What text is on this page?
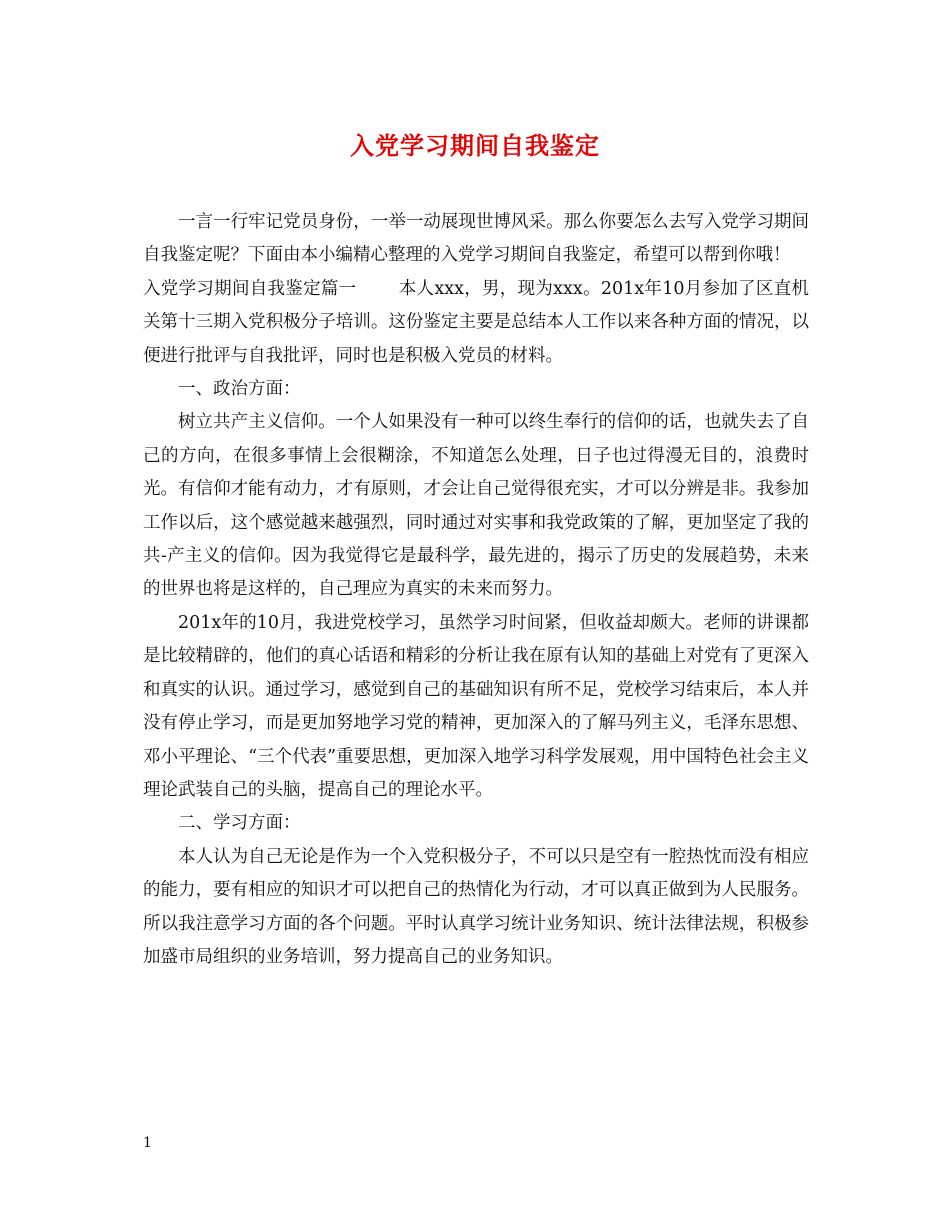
入党学习期间自我鉴定

一言一行牢记党员身份，一举一动展现世博风采。那么你要怎么去写入党学习期间自我鉴定呢？下面由本小编精心整理的入党学习期间自我鉴定，希望可以帮到你哦！

入党学习期间自我鉴定篇一 本人xxx，男，现为xxx。201x年10月参加了区直机关第十三期入党积极分子培训。这份鉴定主要是总结本人工作以来各种方面的情况，以便进行批评与自我批评，同时也是积极入党员的材料。

一、政治方面：

树立共产主义信仰。一个人如果没有一种可以终生奉行的信仰的话，也就失去了自己的方向，在很多事情上会很糊涂，不知道怎么处理，日子也过得漫无目的，浪费时光。有信仰才能有动力，才有原则，才会让自己觉得很充实，才可以分辨是非。我参加工作以后，这个感觉越来越强烈，同时通过对实事和我党政策的了解，更加坚定了我的共-产主义的信仰。因为我觉得它是最科学，最先进的，揭示了历史的发展趋势，未来的世界也将是这样的，自己理应为真实的未来而努力。

201x年的10月，我进党校学习，虽然学习时间紧，但收益却颇大。老师的讲课都是比较精辟的，他们的真心话语和精彩的分析让我在原有认知的基础上对党有了更深入和真实的认识。通过学习，感觉到自己的基础知识有所不足，党校学习结束后，本人并没有停止学习，而是更加努地学习党的精神，更加深入的了解马列主义，毛泽东思想、邓小平理论、“三个代表”重要思想，更加深入地学习科学发展观，用中国特色社会主义理论武装自己的头脑，提高自己的理论水平。

二、学习方面：

本人认为自己无论是作为一个入党积极分子，不可以只是空有一腔热忱而没有相应的能力，要有相应的知识才可以把自己的热情化为行动，才可以真正做到为人民服务。所以我注意学习方面的各个问题。平时认真学习统计业务知识、统计法律法规，积极参加盛市局组织的业务培训，努力提高自己的业务知识。

1
